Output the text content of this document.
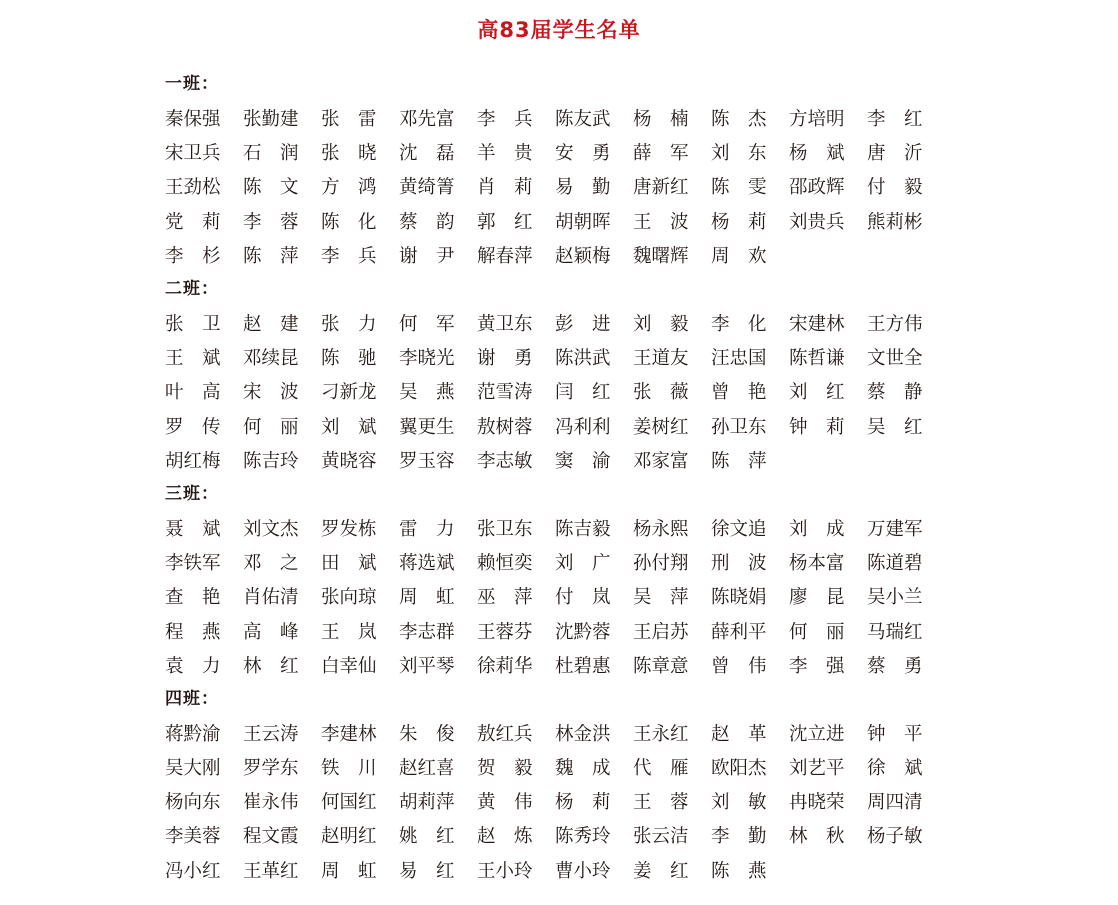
高83届学生名单
一班：
秦保强	张勤建	张　雷	邓先富	李　兵	陈友武	杨　楠	陈　杰	方培明	李　红
宋卫兵	石　润	张　晓	沈　磊	羊　贵	安　勇	薛　军	刘　东	杨　斌	唐　沂
王劲松	陈　文	方　鸿	黄绮箐	肖　莉	易　勤	唐新红	陈　雯	邵政辉	付　毅
党　莉	李　蓉	陈　化	蔡　韵	郭　红	胡朝晖	王　波	杨　莉	刘贵兵	熊莉彬
李　杉	陈　萍	李　兵	谢　尹	解春萍	赵颖梅	魏曙辉	周　欢
二班：
张　卫	赵　建	张　力	何　军	黄卫东	彭　进	刘　毅	李　化	宋建林	王方伟
王　斌	邓续昆	陈　驰	李晓光	谢　勇	陈洪武	王道友	汪忠国	陈哲谦	文世全
叶　高	宋　波	刁新龙	吴　燕	范雪涛	闫　红	张　薇	曾　艳	刘　红	蔡　静
罗　传	何　丽	刘　斌	翼更生	敖树蓉	冯利利	姜树红	孙卫东	钟　莉	吴　红
胡红梅	陈吉玲	黄晓容	罗玉容	李志敏	窦　渝	邓家富	陈　萍
三班：
聂　斌	刘文杰	罗发栋	雷　力	张卫东	陈吉毅	杨永熙	徐文追	刘　成	万建军
李铁军	邓　之	田　斌	蒋选斌	赖恒奕	刘　广	孙付翔	刑　波	杨本富	陈道碧
查　艳	肖佑清	张向琼	周　虹	巫　萍	付　岚	吴　萍	陈晓娟	廖　昆	吴小兰
程　燕	高　峰	王　岚	李志群	王蓉芬	沈黔蓉	王启苏	薛利平	何　丽	马瑞红
袁　力	林　红	白幸仙	刘平琴	徐莉华	杜碧惠	陈章意	曾　伟	李　强	蔡　勇
四班：
蒋黔渝	王云涛	李建林	朱　俊	敖红兵	林金洪	王永红	赵　革	沈立进	钟　平
吴大刚	罗学东	铁　川	赵红喜	贺　毅	魏　成	代　雁	欧阳杰	刘艺平	徐　斌
杨向东	崔永伟	何国红	胡莉萍	黄　伟	杨　莉	王　蓉	刘　敏	冉晓荣	周四清
李美蓉	程文霞	赵明红	姚　红	赵　炼	陈秀玲	张云洁	李　勤	林　秋	杨子敏
冯小红	王革红	周　虹	易　红	王小玲	曹小玲	姜　红	陈　燕
